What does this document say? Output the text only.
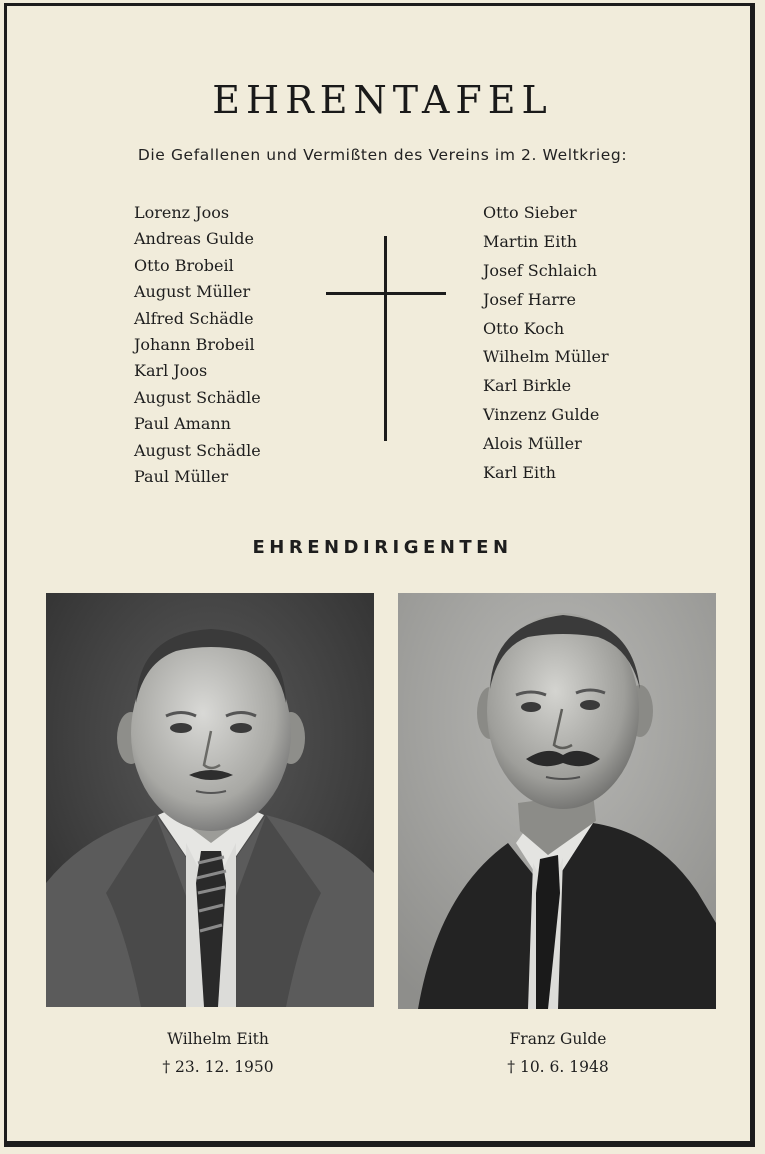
EHRENTAFEL
Die Gefallenen und Vermißten des Vereins im 2. Weltkrieg:
Lorenz Joos
Andreas Gulde
Otto Brobeil
August Müller
Alfred Schädle
Johann Brobeil
Karl Joos
August Schädle
Paul Amann
August Schädle
Paul Müller
Otto Sieber
Martin Eith
Josef Schlaich
Josef Harre
Otto Koch
Wilhelm Müller
Karl Birkle
Vinzenz Gulde
Alois Müller
Karl Eith
EHRENDIRIGENTEN
Wilhelm Eith
† 23. 12. 1950
Franz Gulde
† 10. 6. 1948
